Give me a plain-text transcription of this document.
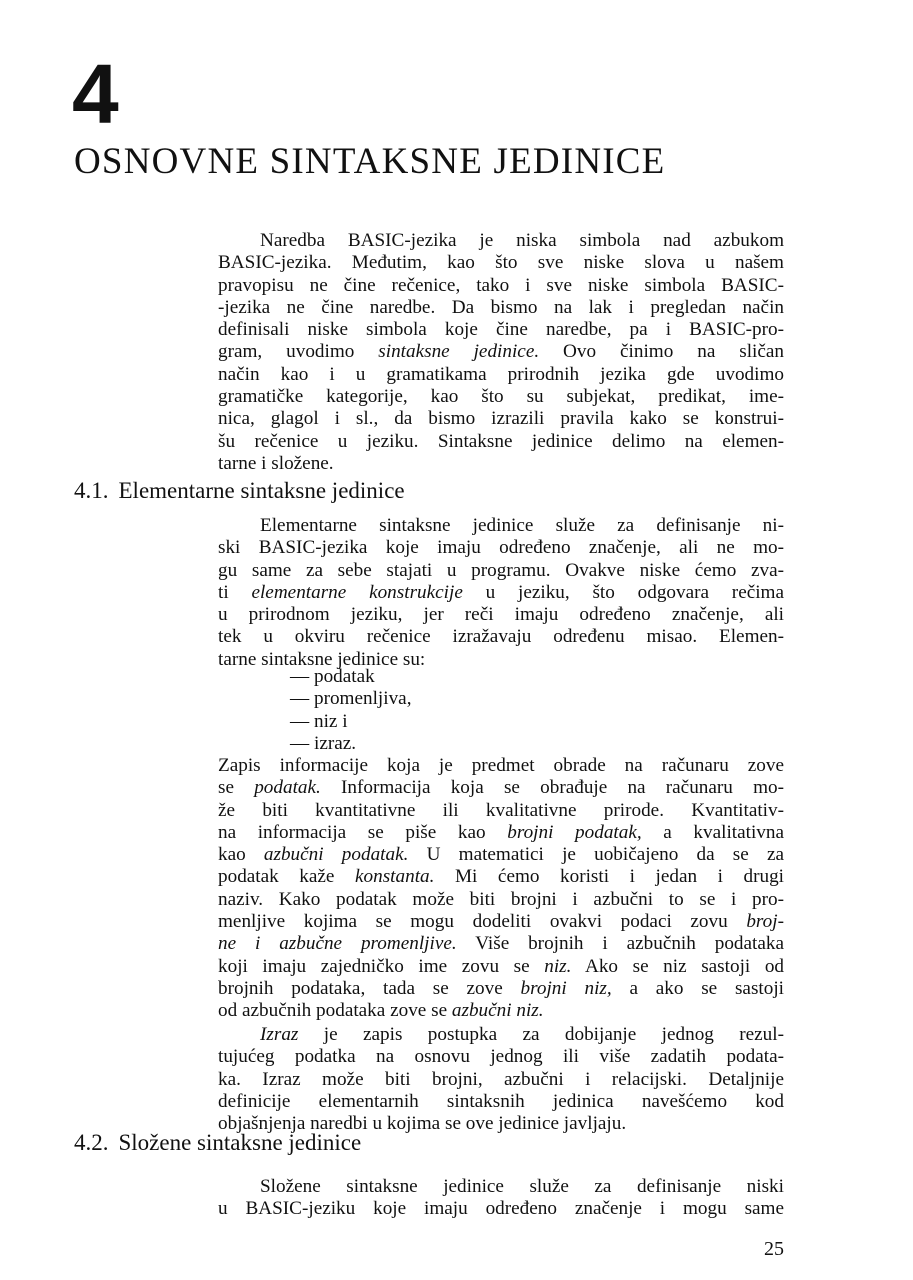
4
OSNOVNE SINTAKSNE JEDINICE

Naredba BASIC-jezika je niska simbola nad azbukom
BASIC-jezika. Međutim, kao što sve niske slova u našem
pravopisu ne čine rečenice, tako i sve niske simbola BASIC-
-jezika ne čine naredbe. Da bismo na lak i pregledan način
definisali niske simbola koje čine naredbe, pa i BASIC-pro-
gram, uvodimo sintaksne jedinice. Ovo činimo na sličan
način kao i u gramatikama prirodnih jezika gde uvodimo
gramatičke kategorije, kao što su subjekat, predikat, ime-
nica, glagol i sl., da bismo izrazili pravila kako se konstrui-
šu rečenice u jeziku. Sintaksne jedinice delimo na elemen-
tarne i složene.

4.1. Elementarne sintaksne jedinice

Elementarne sintaksne jedinice služe za definisanje ni-
ski BASIC-jezika koje imaju određeno značenje, ali ne mo-
gu same za sebe stajati u programu. Ovakve niske ćemo zva-
ti elementarne konstrukcije u jeziku, što odgovara rečima
u prirodnom jeziku, jer reči imaju određeno značenje, ali
tek u okviru rečenice izražavaju određenu misao. Elemen-
tarne sintaksne jedinice su:

— podatak
— promenljiva,
— niz i
— izraz.

Zapis informacije koja je predmet obrade na računaru zove
se podatak. Informacija koja se obrađuje na računaru mo-
že biti kvantitativne ili kvalitativne prirode. Kvantitativ-
na informacija se piše kao brojni podatak, a kvalitativna
kao azbučni podatak. U matematici je uobičajeno da se za
podatak kaže konstanta. Mi ćemo koristi i jedan i drugi
naziv. Kako podatak može biti brojni i azbučni to se i pro-
menljive kojima se mogu dodeliti ovakvi podaci zovu broj-
ne i azbučne promenljive. Više brojnih i azbučnih podataka
koji imaju zajedničko ime zovu se niz. Ako se niz sastoji od
brojnih podataka, tada se zove brojni niz, a ako se sastoji
od azbučnih podataka zove se azbučni niz.

Izraz je zapis postupka za dobijanje jednog rezul-
tujućeg podatka na osnovu jednog ili više zadatih podata-
ka. Izraz može biti brojni, azbučni i relacijski. Detaljnije
definicije elementarnih sintaksnih jedinica navešćemo kod
objašnjenja naredbi u kojima se ove jedinice javljaju.

4.2. Složene sintaksne jedinice

Složene sintaksne jedinice služe za definisanje niski
u BASIC-jeziku koje imaju određeno značenje i mogu same

25
